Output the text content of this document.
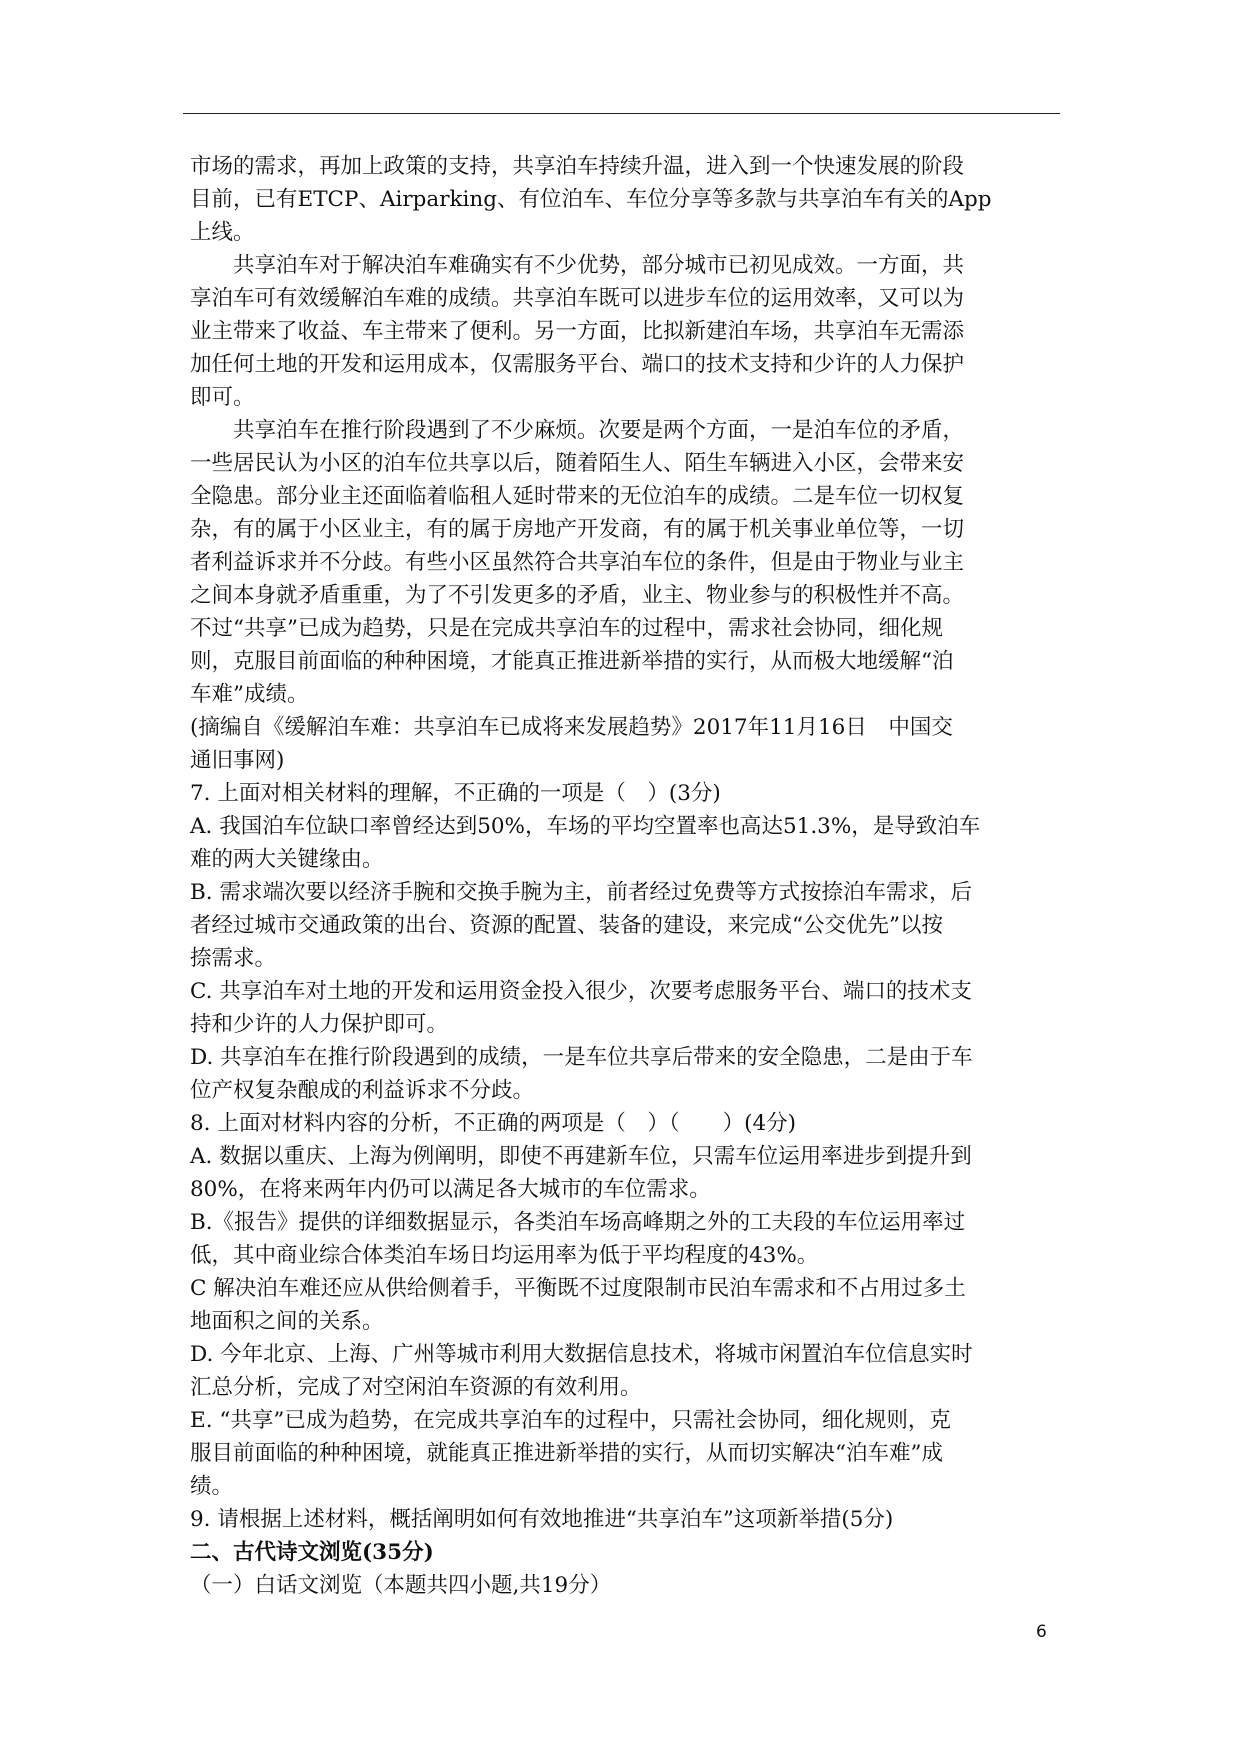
市场的需求，再加上政策的支持，共享泊车持续升温，进入到一个快速发展的阶段
目前，已有ETCP、Airparking、有位泊车、车位分享等多款与共享泊车有关的App
上线。
共享泊车对于解决泊车难确实有不少优势，部分城市已初见成效。一方面，共
享泊车可有效缓解泊车难的成绩。共享泊车既可以进步车位的运用效率，又可以为
业主带来了收益、车主带来了便利。另一方面，比拟新建泊车场，共享泊车无需添
加任何土地的开发和运用成本，仅需服务平台、端口的技术支持和少许的人力保护
即可。
共享泊车在推行阶段遇到了不少麻烦。次要是两个方面，一是泊车位的矛盾，
一些居民认为小区的泊车位共享以后，随着陌生人、陌生车辆进入小区，会带来安
全隐患。部分业主还面临着临租人延时带来的无位泊车的成绩。二是车位一切权复
杂，有的属于小区业主，有的属于房地产开发商，有的属于机关事业单位等，一切
者利益诉求并不分歧。有些小区虽然符合共享泊车位的条件，但是由于物业与业主
之间本身就矛盾重重，为了不引发更多的矛盾，业主、物业参与的积极性并不高。
不过“共享”已成为趋势，只是在完成共享泊车的过程中，需求社会协同，细化规
则，克服目前面临的种种困境，才能真正推进新举措的实行，从而极大地缓解“泊
车难”成绩。
(摘编自《缓解泊车难：共享泊车已成将来发展趋势》2017年11月16日　中国交
通旧事网)
7. 上面对相关材料的理解，不正确的一项是（　）(3分)
A. 我国泊车位缺口率曾经达到50%，车场的平均空置率也高达51.3%，是导致泊车
难的两大关键缘由。
B. 需求端次要以经济手腕和交换手腕为主，前者经过免费等方式按捺泊车需求，后
者经过城市交通政策的出台、资源的配置、装备的建设，来完成“公交优先”以按
捺需求。
C. 共享泊车对土地的开发和运用资金投入很少，次要考虑服务平台、端口的技术支
持和少许的人力保护即可。
D. 共享泊车在推行阶段遇到的成绩，一是车位共享后带来的安全隐患，二是由于车
位产权复杂酿成的利益诉求不分歧。
8. 上面对材料内容的分析，不正确的两项是（　）（　　）(4分)
A. 数据以重庆、上海为例阐明，即使不再建新车位，只需车位运用率进步到提升到
80%，在将来两年内仍可以满足各大城市的车位需求。
B.《报告》提供的详细数据显示，各类泊车场高峰期之外的工夫段的车位运用率过
低，其中商业综合体类泊车场日均运用率为低于平均程度的43%。
C 解决泊车难还应从供给侧着手，平衡既不过度限制市民泊车需求和不占用过多土
地面积之间的关系。
D. 今年北京、上海、广州等城市利用大数据信息技术，将城市闲置泊车位信息实时
汇总分析，完成了对空闲泊车资源的有效利用。
E. “共享”已成为趋势，在完成共享泊车的过程中，只需社会协同，细化规则，克
服目前面临的种种困境，就能真正推进新举措的实行，从而切实解决“泊车难”成
绩。
9. 请根据上述材料，概括阐明如何有效地推进“共享泊车”这项新举措(5分)
二、古代诗文浏览(35分)
（一）白话文浏览（本题共四小题,共19分）
6
